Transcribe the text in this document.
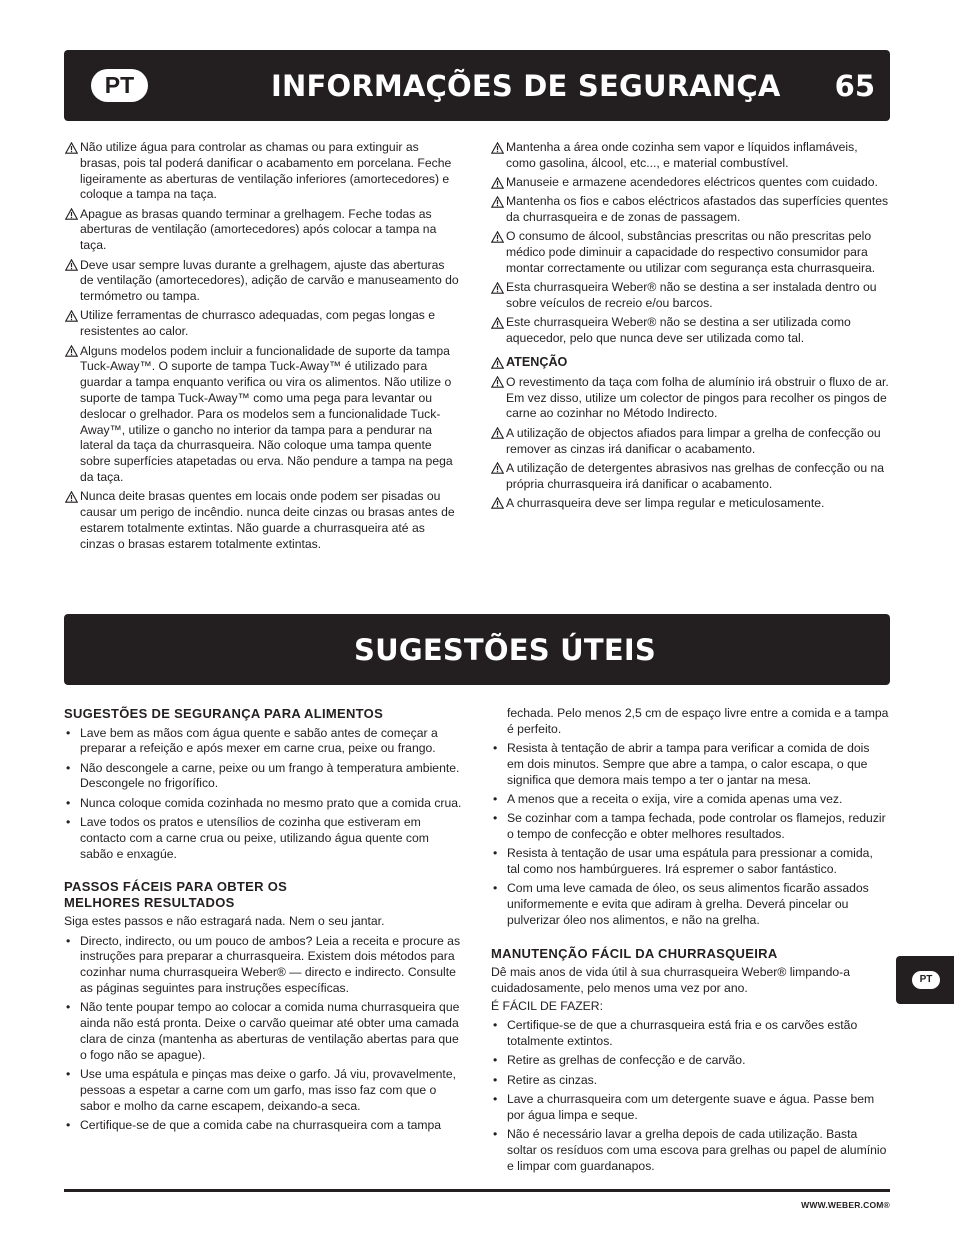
PT	INFORMAÇÕES DE SEGURANÇA 65
Não utilize água para controlar as chamas ou para extinguir as brasas, pois tal poderá danificar o acabamento em porcelana. Feche ligeiramente as aberturas de ventilação inferiores (amortecedores) e coloque a tampa na taça.
Apague as brasas quando terminar a grelhagem. Feche todas as aberturas de ventilação (amortecedores) após colocar a tampa na taça.
Deve usar sempre luvas durante a grelhagem, ajuste das aberturas de ventilação (amortecedores), adição de carvão e manuseamento do termómetro ou tampa.
Utilize ferramentas de churrasco adequadas, com pegas longas e resistentes ao calor.
Alguns modelos podem incluir a funcionalidade de suporte da tampa Tuck-Away™. O suporte de tampa Tuck-Away™ é utilizado para guardar a tampa enquanto verifica ou vira os alimentos. Não utilize o suporte de tampa Tuck-Away™ como uma pega para levantar ou deslocar o grelhador. Para os modelos sem a funcionalidade Tuck-Away™, utilize o gancho no interior da tampa para a pendurar na lateral da taça da churrasqueira. Não coloque uma tampa quente sobre superfícies atapetadas ou erva. Não pendure a tampa na pega da taça.
Nunca deite brasas quentes em locais onde podem ser pisadas ou causar um perigo de incêndio. nunca deite cinzas ou brasas antes de estarem totalmente extintas. Não guarde a churrasqueira até as cinzas o brasas estarem totalmente extintas.
Mantenha a área onde cozinha sem vapor e líquidos inflamáveis, como gasolina, álcool, etc..., e material combustível.
Manuseie e armazene acendedores eléctricos quentes com cuidado.
Mantenha os fios e cabos eléctricos afastados das superfícies quentes da churrasqueira e de zonas de passagem.
O consumo de álcool, substâncias prescritas ou não prescritas pelo médico pode diminuir a capacidade do respectivo consumidor para montar correctamente ou utilizar com segurança esta churrasqueira.
Esta churrasqueira Weber® não se destina a ser instalada dentro ou sobre veículos de recreio e/ou barcos.
Este churrasqueira Weber® não se destina a ser utilizada como aquecedor, pelo que nunca deve ser utilizada como tal.
ATENÇÃO
O revestimento da taça com folha de alumínio irá obstruir o fluxo de ar. Em vez disso, utilize um colector de pingos para recolher os pingos de carne ao cozinhar no Método Indirecto.
A utilização de objectos afiados para limpar a grelha de confecção ou remover as cinzas irá danificar o acabamento.
A utilização de detergentes abrasivos nas grelhas de confecção ou na própria churrasqueira irá danificar o acabamento.
A churrasqueira deve ser limpa regular e meticulosamente.
SUGESTÕES ÚTEIS
SUGESTÕES DE SEGURANÇA PARA ALIMENTOS
• Lave bem as mãos com água quente e sabão antes de começar a preparar a refeição e após mexer em carne crua, peixe ou frango.
• Não descongele a carne, peixe ou um frango à temperatura ambiente. Descongele no frigorífico.
• Nunca coloque comida cozinhada no mesmo prato que a comida crua.
• Lave todos os pratos e utensílios de cozinha que estiveram em contacto com a carne crua ou peixe, utilizando água quente com sabão e enxagúe.
PASSOS FÁCEIS PARA OBTER OS MELHORES RESULTADOS
Siga estes passos e não estragará nada. Nem o seu jantar.
• Directo, indirecto, ou um pouco de ambos? Leia a receita e procure as instruções para preparar a churrasqueira. Existem dois métodos para cozinhar numa churrasqueira Weber® — directo e indirecto. Consulte as páginas seguintes para instruções específicas.
• Não tente poupar tempo ao colocar a comida numa churrasqueira que ainda não está pronta. Deixe o carvão queimar até obter uma camada clara de cinza (mantenha as aberturas de ventilação abertas para que o fogo não se apague).
• Use uma espátula e pinças mas deixe o garfo. Já viu, provavelmente, pessoas a espetar a carne com um garfo, mas isso faz com que o sabor e molho da carne escapem, deixando-a seca.
• Certifique-se de que a comida cabe na churrasqueira com a tampa
fechada. Pelo menos 2,5 cm de espaço livre entre a comida e a tampa é perfeito.
• Resista à tentação de abrir a tampa para verificar a comida de dois em dois minutos. Sempre que abre a tampa, o calor escapa, o que significa que demora mais tempo a ter o jantar na mesa.
• A menos que a receita o exija, vire a comida apenas uma vez.
• Se cozinhar com a tampa fechada, pode controlar os flamejos, reduzir o tempo de confecção e obter melhores resultados.
• Resista à tentação de usar uma espátula para pressionar a comida, tal como nos hambúrgueres. Irá espremer o sabor fantástico.
• Com uma leve camada de óleo, os seus alimentos ficarão assados uniformemente e evita que adiram à grelha. Deverá pincelar ou pulverizar óleo nos alimentos, e não na grelha.
MANUTENÇÃO FÁCIL DA CHURRASQUEIRA
Dê mais anos de vida útil à sua churrasqueira Weber® limpando-a cuidadosamente, pelo menos uma vez por ano.
É FÁCIL DE FAZER:
• Certifique-se de que a churrasqueira está fria e os carvões estão totalmente extintos.
• Retire as grelhas de confecção e de carvão.
• Retire as cinzas.
• Lave a churrasqueira com um detergente suave e água. Passe bem por água limpa e seque.
• Não é necessário lavar a grelha depois de cada utilização. Basta soltar os resíduos com uma escova para grelhas ou papel de alumínio e limpar com guardanapos.
PT
WWW.WEBER.COM®
